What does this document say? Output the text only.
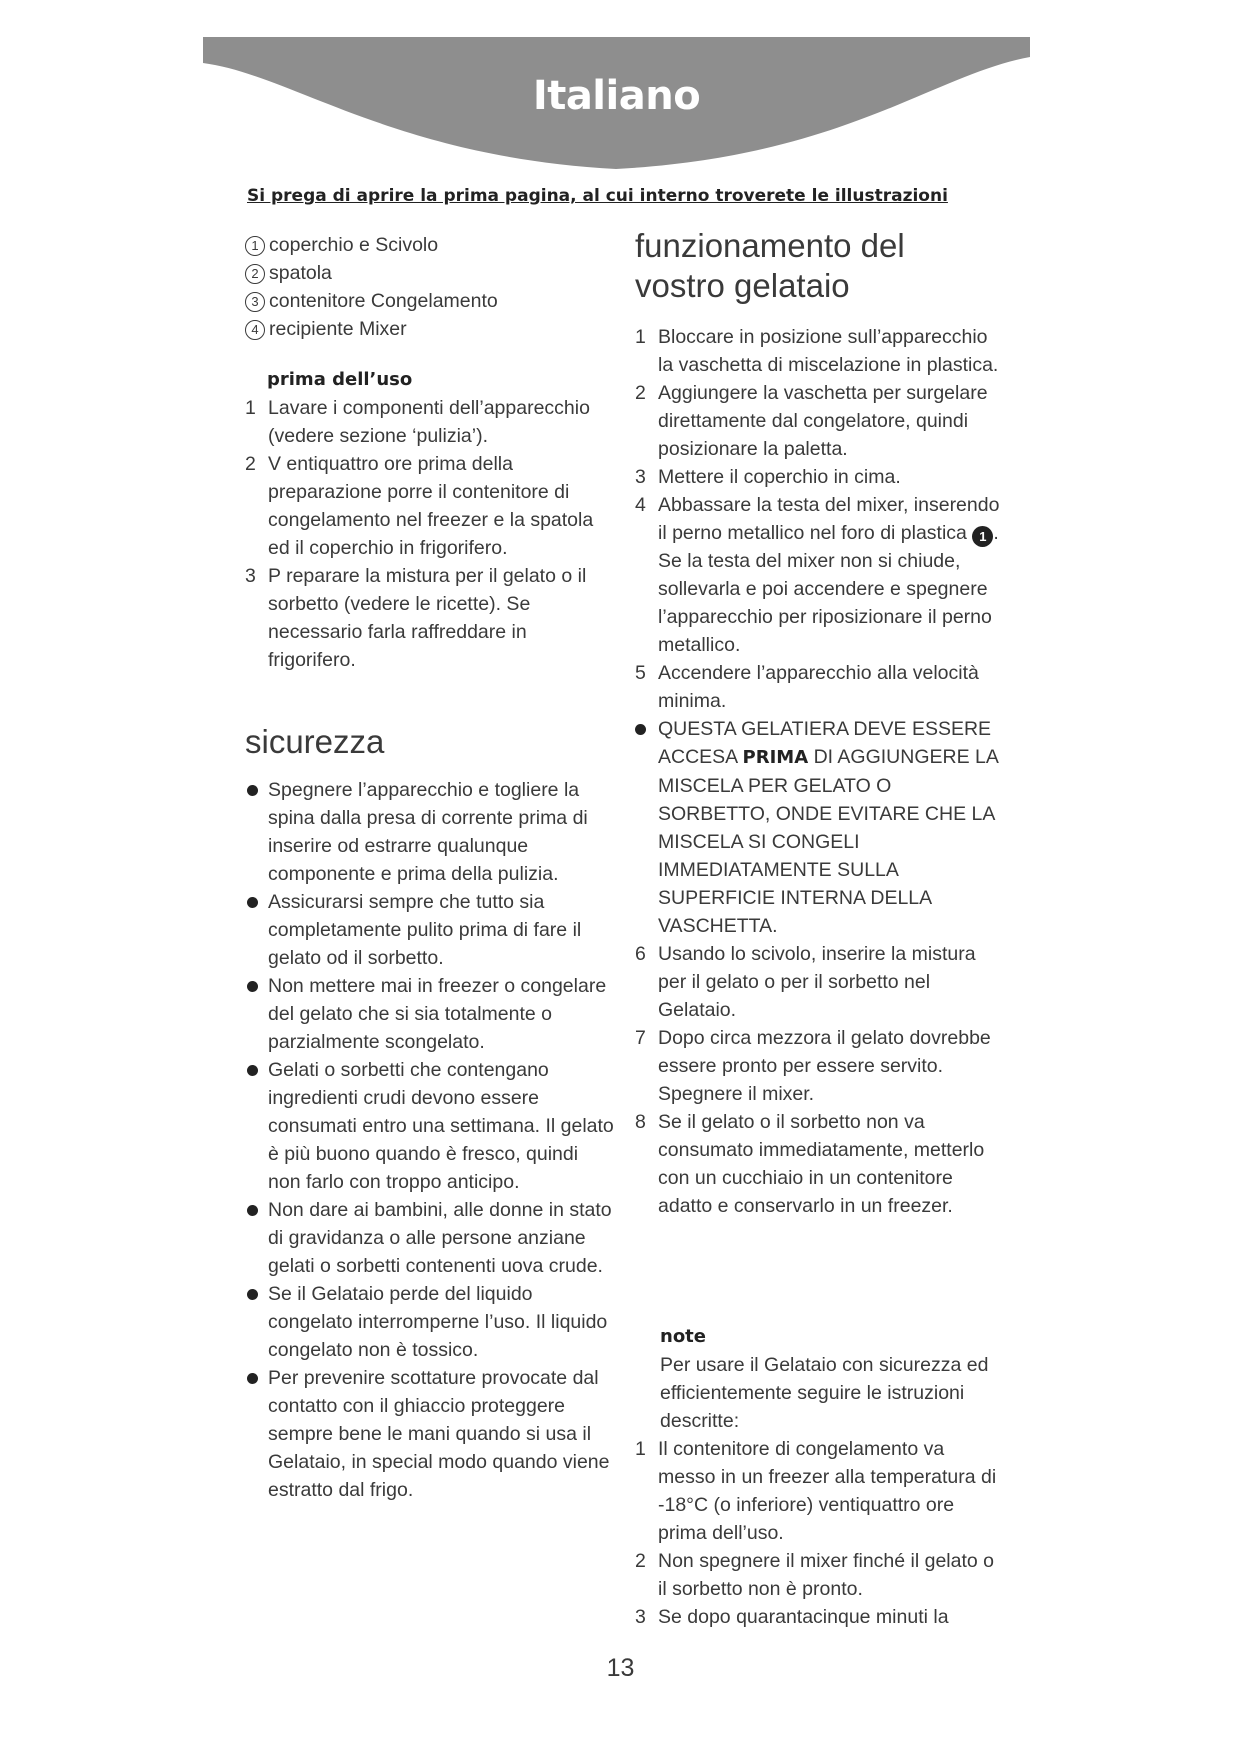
Italiano
Si prega di aprire la prima pagina, al cui interno troverete le illustrazioni
1 coperchio e Scivolo
2 spatola
3 contenitore Congelamento
4 recipiente Mixer
prima dell’uso
1 Lavare i componenti dell’apparecchio (vedere sezione ‘pulizia’).
2 V entiquattro ore prima della preparazione porre il contenitore di congelamento nel freezer e la spatola ed il coperchio in frigorifero.
3 P reparare la mistura per il gelato o il sorbetto (vedere le ricette). Se necessario farla raffreddare in frigorifero.
sicurezza
Spegnere l’apparecchio e togliere la spina dalla presa di corrente prima di inserire od estrarre qualunque componente e prima della pulizia.
Assicurarsi sempre che tutto sia completamente pulito prima di fare il gelato od il sorbetto.
Non mettere mai in freezer o congelare del gelato che si sia totalmente o parzialmente scongelato.
Gelati o sorbetti che contengano ingredienti crudi devono essere consumati entro una settimana. Il gelato è più buono quando è fresco, quindi non farlo con troppo anticipo.
Non dare ai bambini, alle donne in stato di gravidanza o alle persone anziane gelati o sorbetti contenenti uova crude.
Se il Gelataio perde del liquido congelato interromperne l’uso. Il liquido congelato non è tossico.
Per prevenire scottature provocate dal contatto con il ghiaccio proteggere sempre bene le mani quando si usa il Gelataio, in special modo quando viene estratto dal frigo.
funzionamento del vostro gelataio
1 Bloccare in posizione sull’apparecchio la vaschetta di miscelazione in plastica.
2 Aggiungere la vaschetta per surgelare direttamente dal congelatore, quindi posizionare la paletta.
3 Mettere il coperchio in cima.
4 Abbassare la testa del mixer, inserendo il perno metallico nel foro di plastica 1 . Se la testa del mixer non si chiude, sollevarla e poi accendere e spegnere l’apparecchio per riposizionare il perno metallico.
5 Accendere l’apparecchio alla velocità minima.
QUESTA GELATIERA DEVE ESSERE ACCESA PRIMA DI AGGIUNGERE LA MISCELA PER GELATO O SORBETTO, ONDE EVITARE CHE LA MISCELA SI CONGELI IMMEDIATAMENTE SULLA SUPERFICIE INTERNA DELLA VASCHETTA.
6 Usando lo scivolo, inserire la mistura per il gelato o per il sorbetto nel Gelataio.
7 Dopo circa mezzora il gelato dovrebbe essere pronto per essere servito. Spegnere il mixer.
8 Se il gelato o il sorbetto non va consumato immediatamente, metterlo con un cucchiaio in un contenitore adatto e conservarlo in un freezer.
note
Per usare il Gelataio con sicurezza ed efficientemente seguire le istruzioni descritte:
1 Il contenitore di congelamento va messo in un freezer alla temperatura di -18°C (o inferiore) ventiquattro ore prima dell’uso.
2 Non spegnere il mixer finché il gelato o il sorbetto non è pronto.
3 Se dopo quarantacinque minuti la
13
